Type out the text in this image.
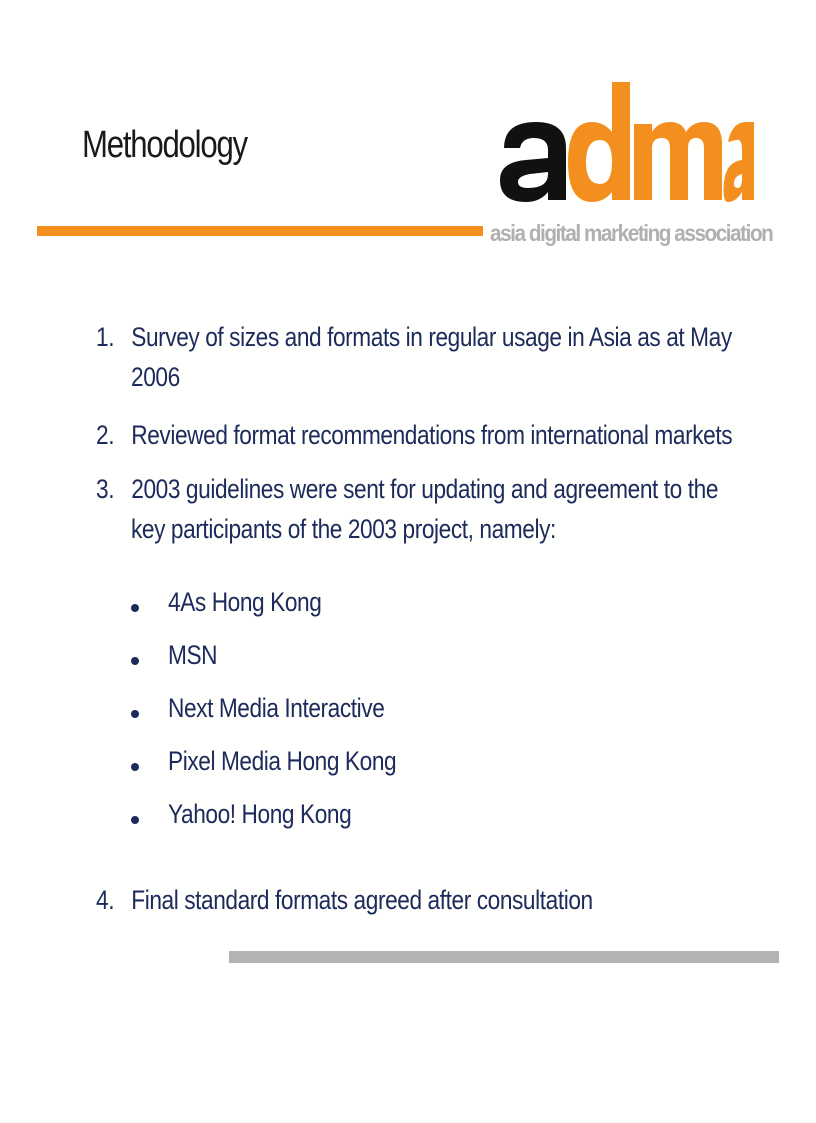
Methodology
asia digital marketing association
1. Survey of sizes and formats in regular usage in Asia as at May
2006
2. Reviewed format recommendations from international markets
3. 2003 guidelines were sent for updating and agreement to the
key participants of the 2003 project, namely:
4As Hong Kong
MSN
Next Media Interactive
Pixel Media Hong Kong
Yahoo! Hong Kong
4. Final standard formats agreed after consultation
